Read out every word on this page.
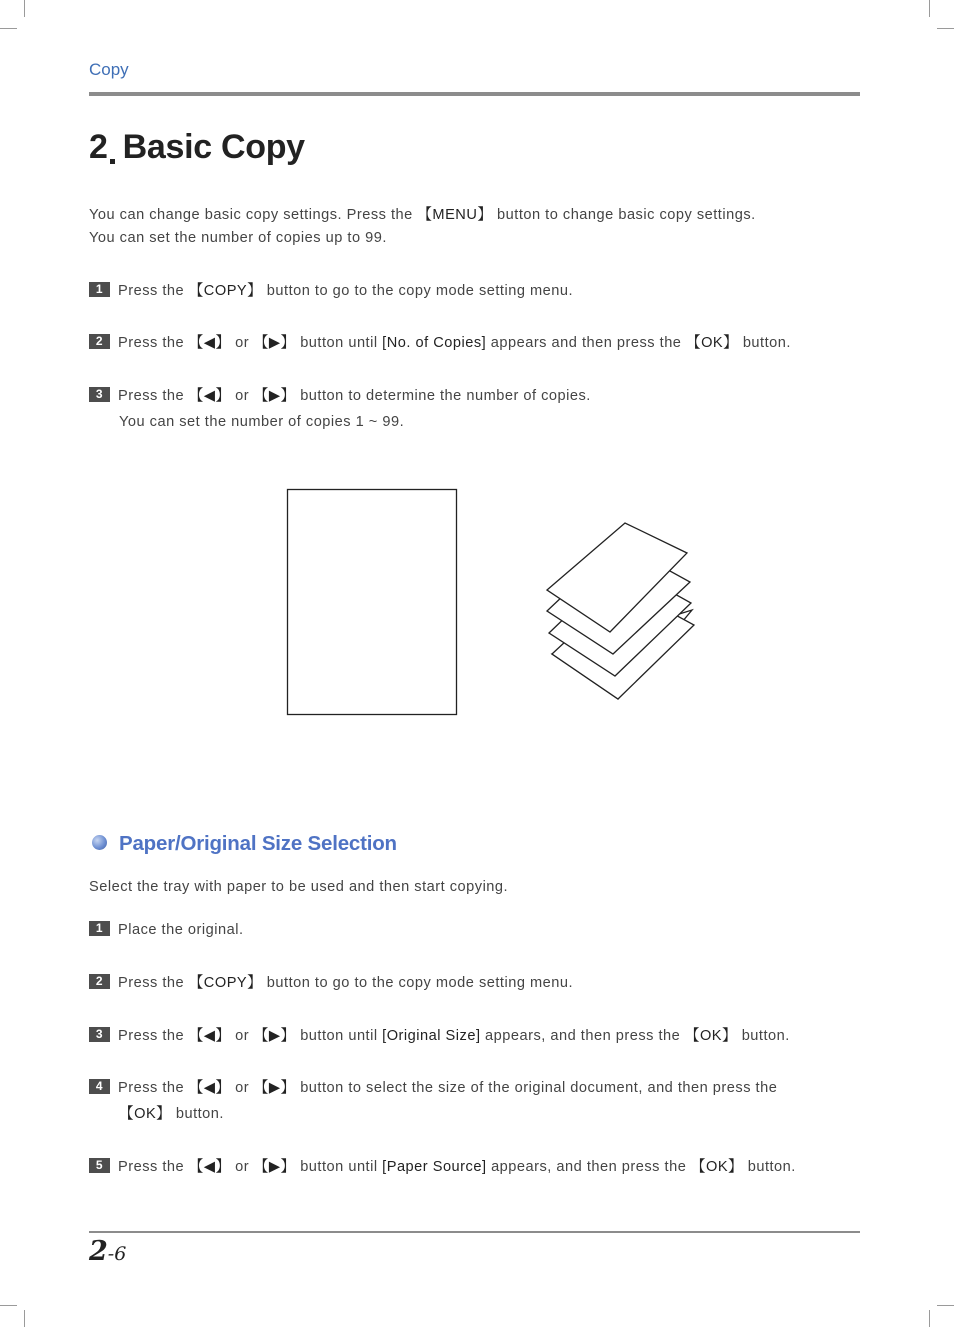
Copy
2 Basic Copy
You can change basic copy settings. Press the 【MENU】 button to change basic copy settings.
You can set the number of copies up to 99.
1 Press the 【COPY】 button to go to the copy mode setting menu.
2 Press the 【◀】 or 【▶】 button until [No. of Copies] appears and then press the 【OK】 button.
3 Press the 【◀】 or 【▶】 button to determine the number of copies.
You can set the number of copies 1 ~ 99.
Paper/Original Size Selection
Select the tray with paper to be used and then start copying.
1 Place the original.
2 Press the 【COPY】 button to go to the copy mode setting menu.
3 Press the 【◀】 or 【▶】 button until [Original Size] appears, and then press the 【OK】 button.
4 Press the 【◀】 or 【▶】 button to select the size of the original document, and then press the
【OK】 button.
5 Press the 【◀】 or 【▶】 button until [Paper Source] appears, and then press the 【OK】 button.
2-6
